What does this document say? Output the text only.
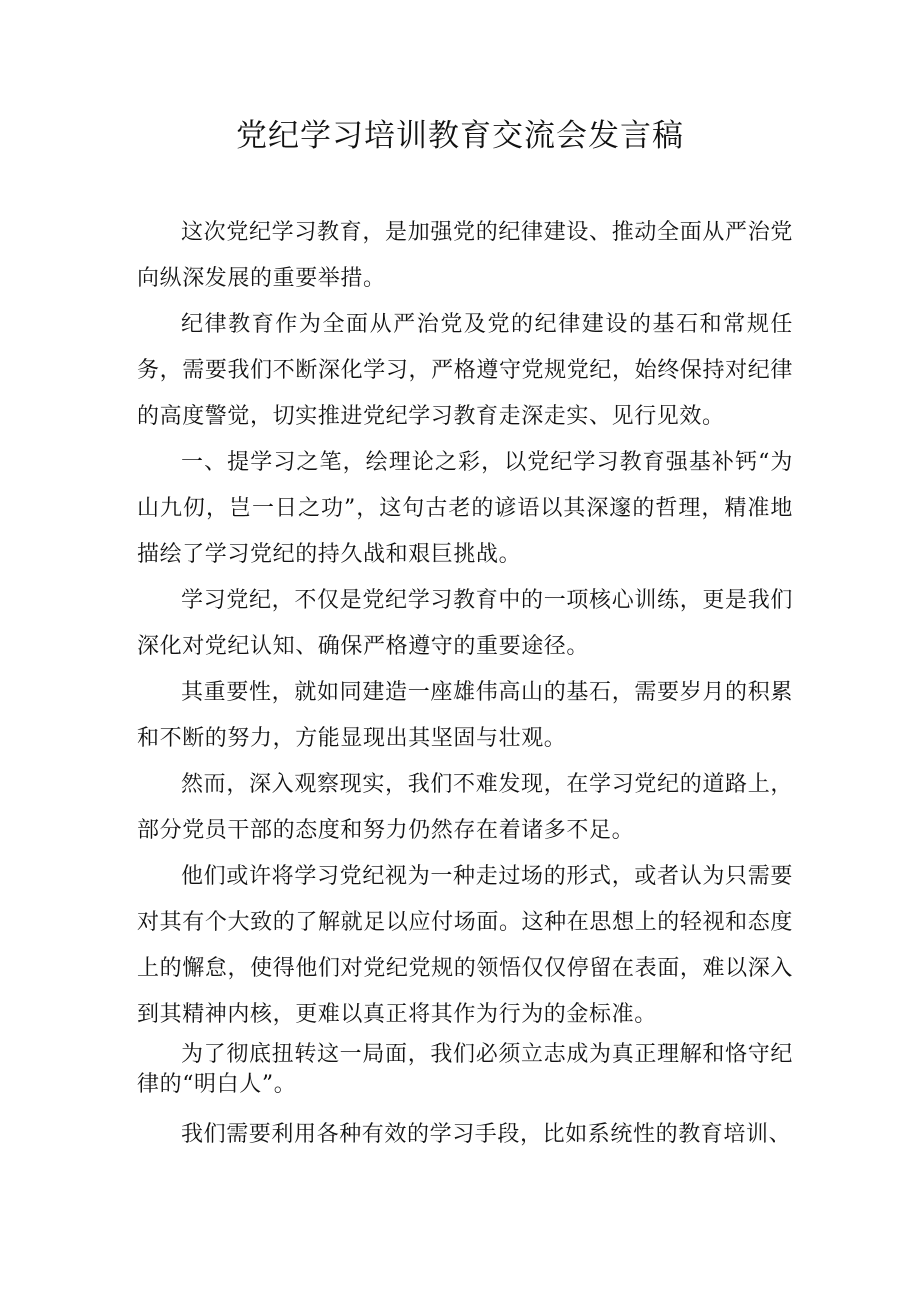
党纪学习培训教育交流会发言稿

这次党纪学习教育，是加强党的纪律建设、推动全面从严治党向纵深发展的重要举措。

纪律教育作为全面从严治党及党的纪律建设的基石和常规任务，需要我们不断深化学习，严格遵守党规党纪，始终保持对纪律的高度警觉，切实推进党纪学习教育走深走实、见行见效。

一、提学习之笔，绘理论之彩，以党纪学习教育强基补钙“为山九仞，岂一日之功”，这句古老的谚语以其深邃的哲理，精准地描绘了学习党纪的持久战和艰巨挑战。

学习党纪，不仅是党纪学习教育中的一项核心训练，更是我们深化对党纪认知、确保严格遵守的重要途径。

其重要性，就如同建造一座雄伟高山的基石，需要岁月的积累和不断的努力，方能显现出其坚固与壮观。

然而，深入观察现实，我们不难发现，在学习党纪的道路上，部分党员干部的态度和努力仍然存在着诸多不足。

他们或许将学习党纪视为一种走过场的形式，或者认为只需要对其有个大致的了解就足以应付场面。这种在思想上的轻视和态度上的懈怠，使得他们对党纪党规的领悟仅仅停留在表面，难以深入到其精神内核，更难以真正将其作为行为的金标准。

为了彻底扭转这一局面，我们必须立志成为真正理解和恪守纪律的“明白人”。

我们需要利用各种有效的学习手段，比如系统性的教育培训、
